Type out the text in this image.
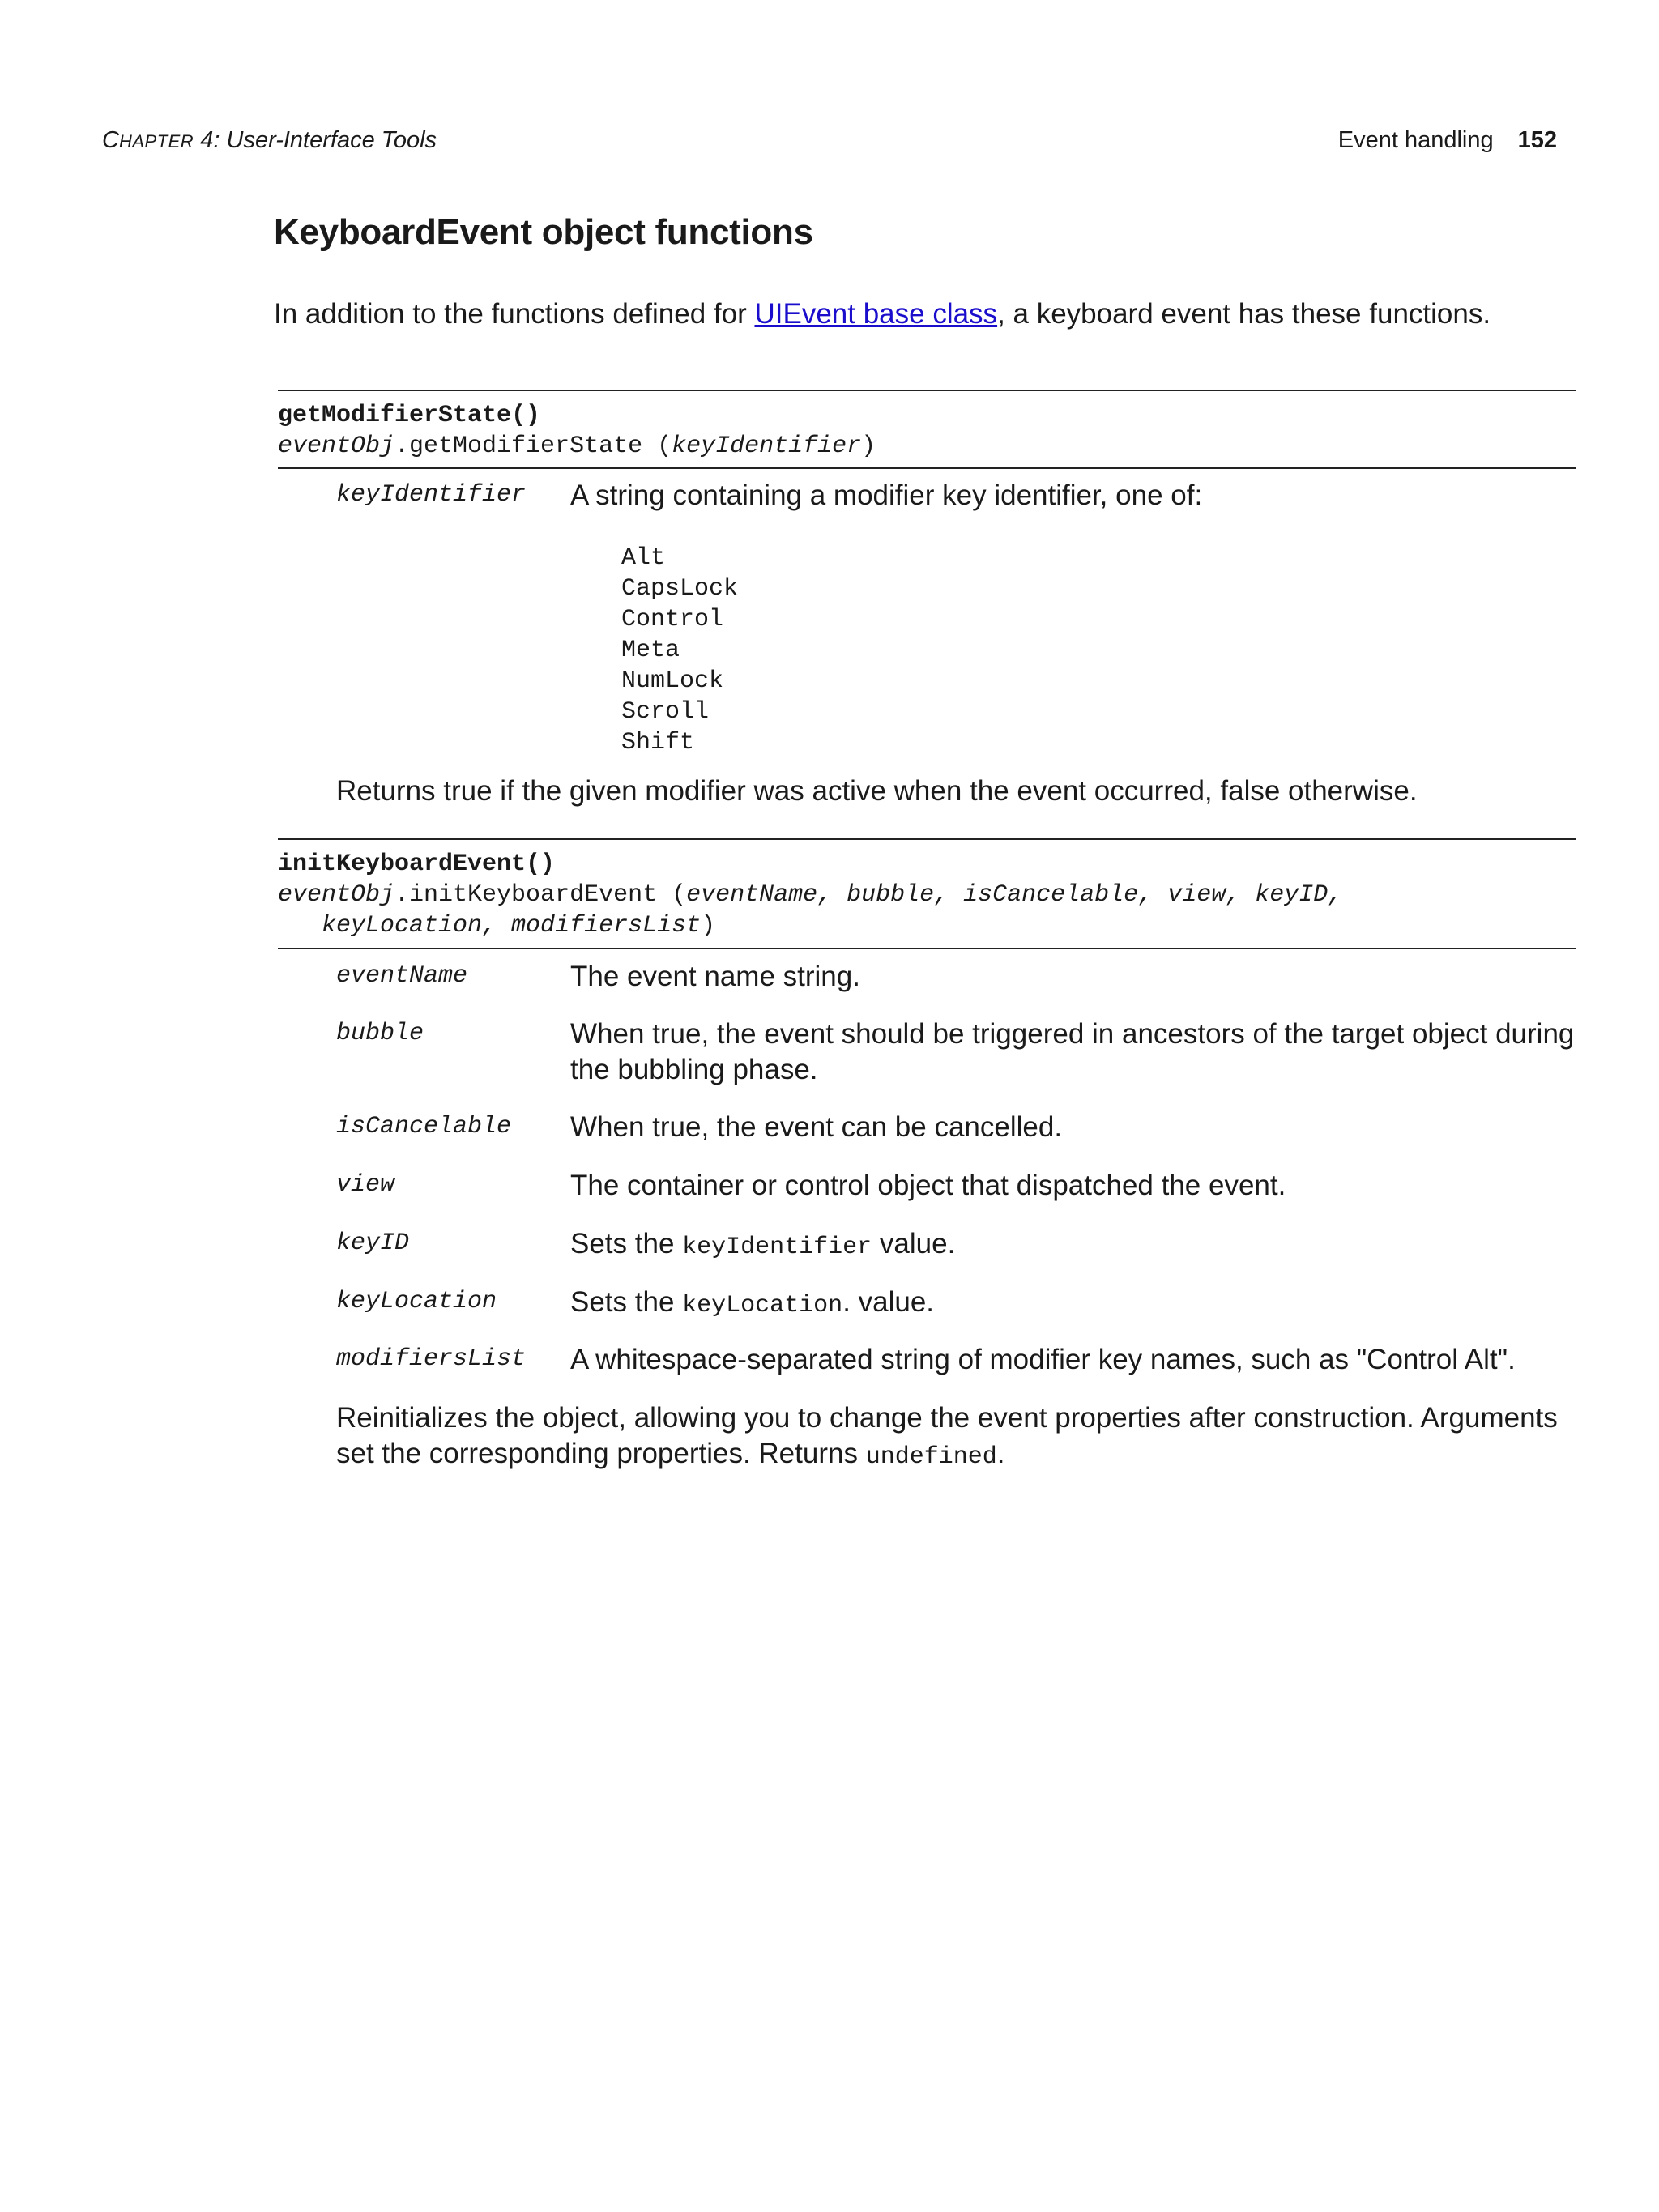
CHAPTER 4: User-Interface Tools	Event handling 152
KeyboardEvent object functions
In addition to the functions defined for UIEvent base class, a keyboard event has these functions.
getModifierState()
eventObj.getModifierState (keyIdentifier)
keyIdentifier A string containing a modifier key identifier, one of:
Alt
CapsLock
Control
Meta
NumLock
Scroll
Shift
Returns true if the given modifier was active when the event occurred, false otherwise.
initKeyboardEvent()
eventObj.initKeyboardEvent (eventName, bubble, isCancelable, view, keyID,
keyLocation, modifiersList)
eventName	The event name string.
bubble	When true, the event should be triggered in ancestors of the target object during the bubbling phase.
isCancelable When true, the event can be cancelled.
view	The container or control object that dispatched the event.
keyID	Sets the keyIdentifier value.
keyLocation	Sets the keyLocation. value.
modifiersList A whitespace-separated string of modifier key names, such as "Control Alt".
Reinitializes the object, allowing you to change the event properties after construction. Arguments set the corresponding properties. Returns undefined.
